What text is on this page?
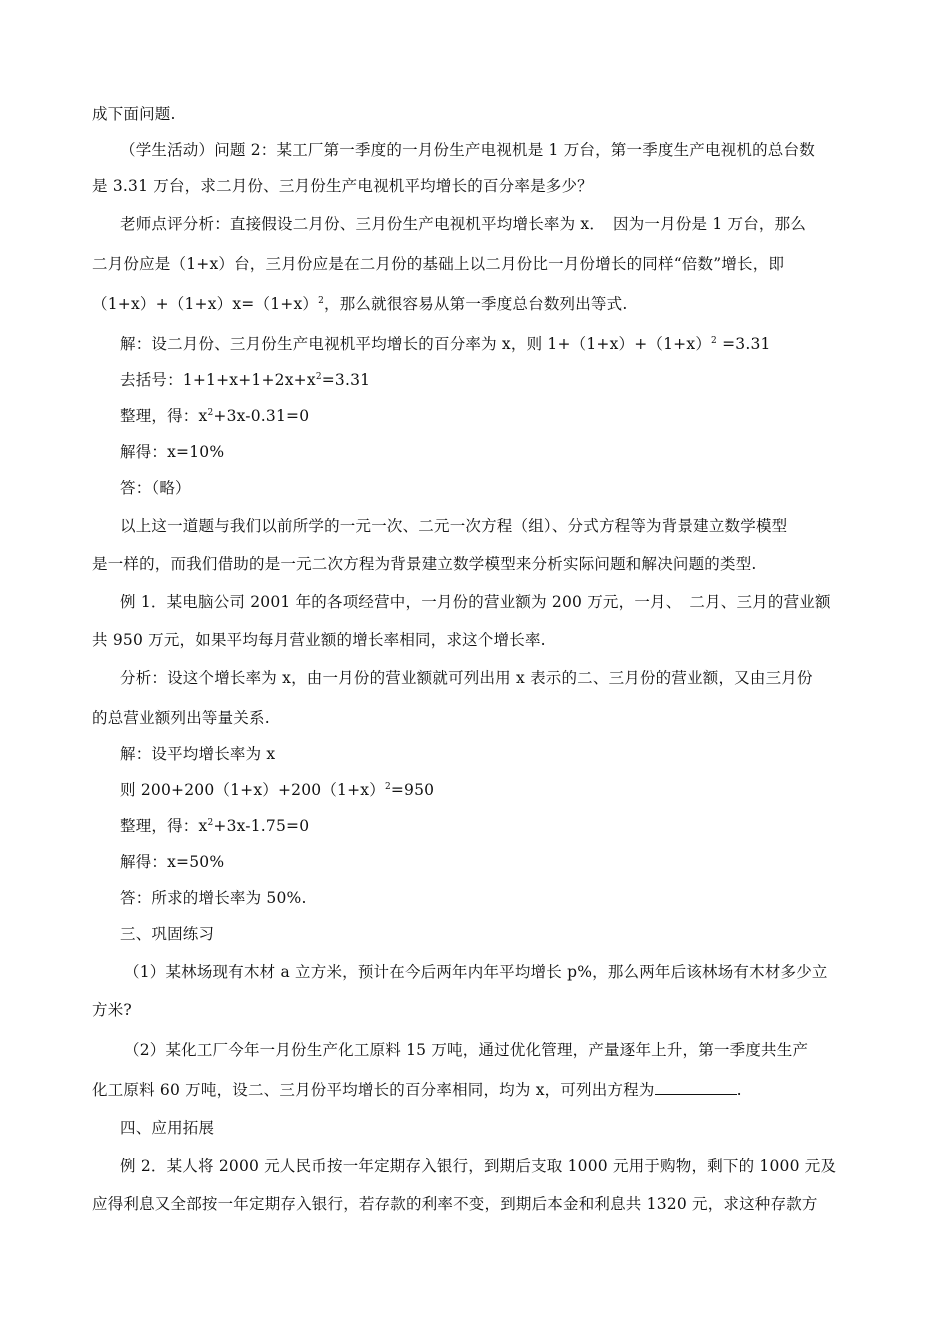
成下面问题.
（学生活动）问题 2：某工厂第一季度的一月份生产电视机是 1 万台，第一季度生产电视机的总台数
是 3.31 万台，求二月份、三月份生产电视机平均增长的百分率是多少？
老师点评分析：直接假设二月份、三月份生产电视机平均增长率为 x．　因为一月份是 1 万台，那么
二月份应是（1+x）台，三月份应是在二月份的基础上以二月份比一月份增长的同样“倍数”增长，即
$(1+x)+(1+x)x=(1+x)^2$，那么就很容易从第一季度总台数列出等式.
解：设二月份、三月份生产电视机平均增长的百分率为 x，则 $1+(1+x)+(1+x)^2 =3.31$
去括号：$1+1+x+1+2x+x^2=3.31$
整理，得：$x^2+3x-0.31=0$
解得：x=10%
答：（略）
以上这一道题与我们以前所学的一元一次、二元一次方程（组）、分式方程等为背景建立数学模型
是一样的，而我们借助的是一元二次方程为背景建立数学模型来分析实际问题和解决问题的类型.
例 1．某电脑公司 2001 年的各项经营中，一月份的营业额为 200 万元，一月、　二月、三月的营业额
共 950 万元，如果平均每月营业额的增长率相同，求这个增长率.
分析：设这个增长率为 x，由一月份的营业额就可列出用 x 表示的二、三月份的营业额，又由三月份
的总营业额列出等量关系.
解：设平均增长率为 x
则 $200+200(1+x)+200(1+x)^2=950$
整理，得：$x^2+3x-1.75=0$
解得：x=50%
答：所求的增长率为 50%.
三、巩固练习
（1）某林场现有木材 a 立方米，预计在今后两年内年平均增长 p%，那么两年后该林场有木材多少立
方米?
（2）某化工厂今年一月份生产化工原料 15 万吨，通过优化管理，产量逐年上升，第一季度共生产
化工原料 60 万吨，设二、三月份平均增长的百分率相同，均为 x，可列出方程为	.
四、应用拓展
例 2．某人将 2000 元人民币按一年定期存入银行，到期后支取 1000 元用于购物，剩下的 1000 元及
应得利息又全部按一年定期存入银行，若存款的利率不变，到期后本金和利息共 1320 元，求这种存款方
